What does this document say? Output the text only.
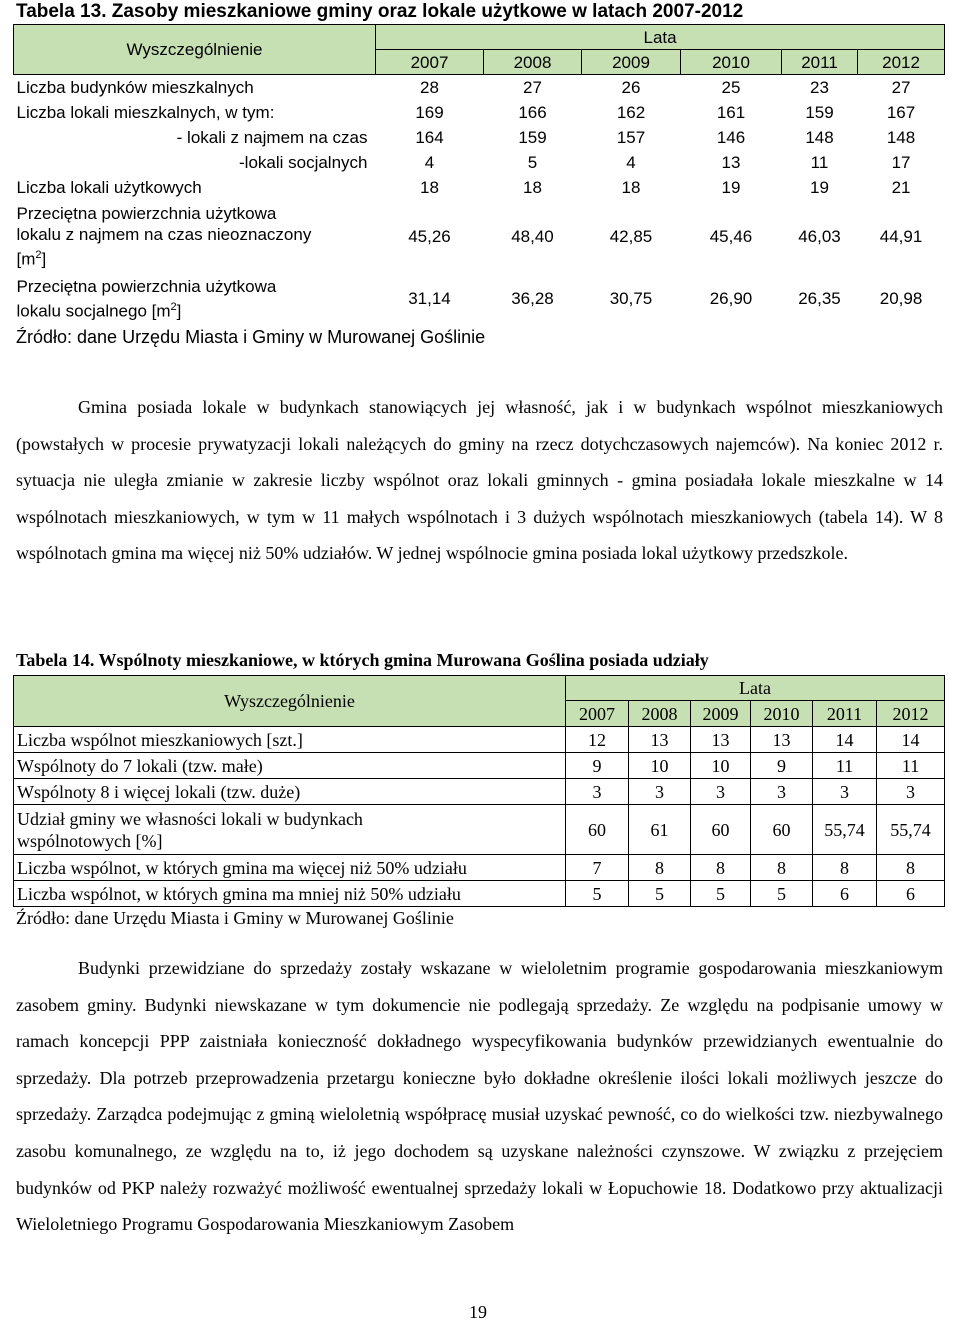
Tabela 13. Zasoby mieszkaniowe gminy oraz lokale użytkowe w latach 2007-2012
Wyszczególnienie	Lata					
	2007	2008	2009	2010	2011	2012
Liczba budynków mieszkalnych	28	27	26	25	23	27
Liczba lokali mieszkalnych, w tym:	169	166	162	161	159	167
- lokali z najmem na czas	164	159	157	146	148	148
-lokali socjalnych	4	5	4	13	11	17
Liczba lokali użytkowych	18	18	18	19	19	21

Przeciętna powierzchnia użytkowa lokalu z najmem na czas nieoznaczony $[m^2]$	45,26	48,40	42,85	45,46	46,03	44,91

Przeciętna powierzchnia użytkowa lokalu socjalnego $[m^2]$	31,14	36,28	30,75	26,90	26,35	20,98
Źródło: dane Urzędu Miasta i Gminy w Murowanej Goślinie
Gmina posiada lokale w budynkach stanowiących jej własność, jak i w budynkach wspólnot mieszkaniowych (powstałych w procesie prywatyzacji lokali należących do gminy na rzecz dotychczasowych najemców). Na koniec 2012 r. sytuacja nie uległa zmianie w zakresie liczby wspólnot oraz lokali gminnych - gmina posiadała lokale mieszkalne w 14 wspólnotach mieszkaniowych, w tym w 11 małych wspólnotach i 3 dużych wspólnotach mieszkaniowych (tabela 14). W 8 wspólnotach gmina ma więcej niż 50% udziałów. W jednej wspólnocie gmina posiada lokal użytkowy przedszkole.
Tabela 14. Wspólnoty mieszkaniowe, w których gmina Murowana Goślina posiada udziały
Wyszczególnienie	Lata					
	2007	2008	2009	2010	2011	2012
Liczba wspólnot mieszkaniowych [szt.]	12	13	13	13	14	14
Wspólnoty do 7 lokali (tzw. małe)	9	10	10	9	11	11
Wspólnoty 8 i więcej lokali (tzw. duże)	3	3	3	3	3	3

Udział gminy we własności lokali w budynkach wspólnotowych [%]	60	61	60	60	55,74	55,74
Liczba wspólnot, w których gmina ma więcej niż 50% udziału	7	8	8	8	8	8
Liczba wspólnot, w których gmina ma mniej niż 50% udziału	5	5	5	5	6	6
Źródło: dane Urzędu Miasta i Gminy w Murowanej Goślinie
Budynki przewidziane do sprzedaży zostały wskazane w wieloletnim programie gospodarowania mieszkaniowym zasobem gminy. Budynki niewskazane w tym dokumencie nie podlegają sprzedaży. Ze względu na podpisanie umowy w ramach koncepcji PPP zaistniała konieczność dokładnego wyspecyfikowania budynków przewidzianych ewentualnie do sprzedaży. Dla potrzeb przeprowadzenia przetargu konieczne było dokładne określenie ilości lokali możliwych jeszcze do sprzedaży. Zarządca podejmując z gminą wieloletnią współpracę musiał uzyskać pewność, co do wielkości tzw. niezbywalnego zasobu komunalnego, ze względu na to, iż jego dochodem są uzyskane należności czynszowe. W związku z przejęciem budynków od PKP należy rozważyć możliwość ewentualnej sprzedaży lokali w Łopuchowie 18. Dodatkowo przy aktualizacji Wieloletniego Programu Gospodarowania Mieszkaniowym Zasobem
19
